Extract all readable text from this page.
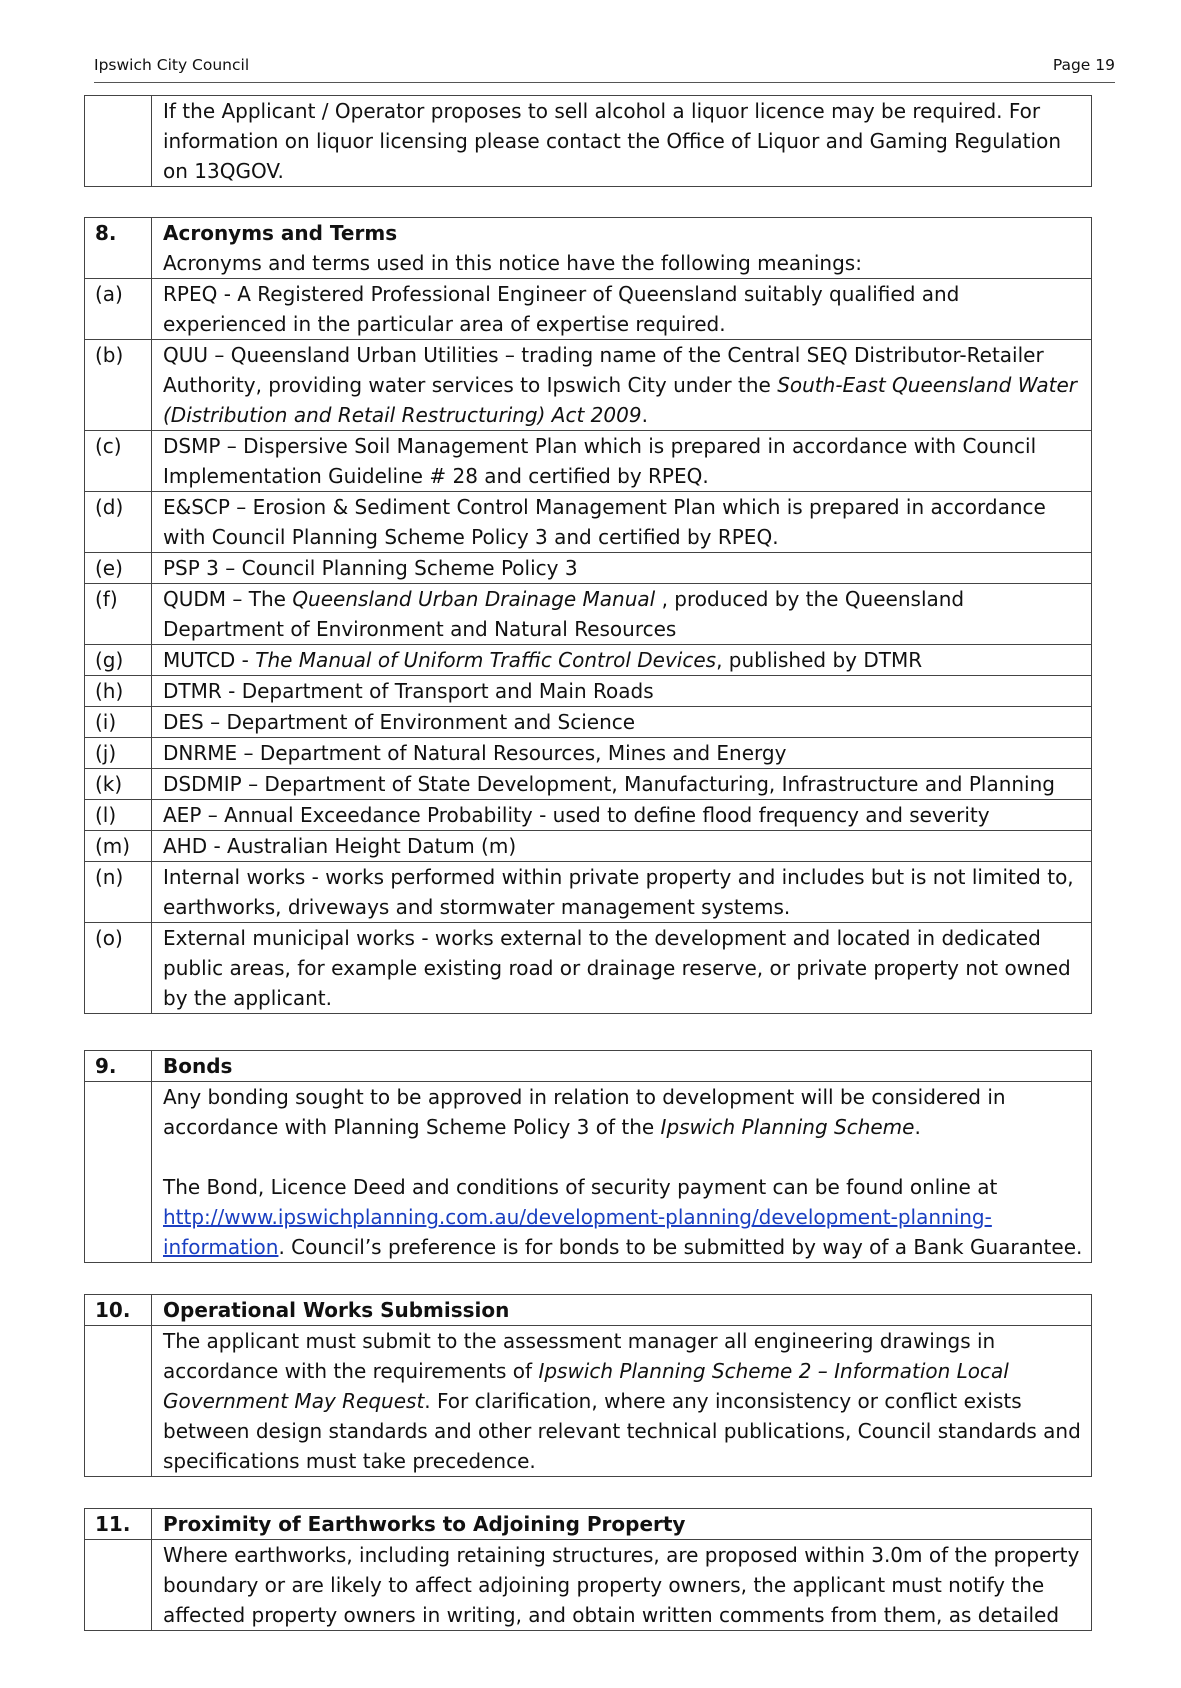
Ipswich City Council	Page 19
	If the Applicant / Operator proposes to sell alcohol a liquor licence may be required. For information on liquor licensing please contact the Office of Liquor and Gaming Regulation on 13QGOV.
8.	Acronyms and Terms
Acronyms and terms used in this notice have the following meanings:

(a)	RPEQ - A Registered Professional Engineer of Queensland suitably qualified and experienced in the particular area of expertise required.
(b)	QUU – Queensland Urban Utilities – trading name of the Central SEQ Distributor-Retailer Authority, providing water services to Ipswich City under the South-East Queensland Water (Distribution and Retail Restructuring) Act 2009.
(c)	DSMP – Dispersive Soil Management Plan which is prepared in accordance with Council Implementation Guideline # 28 and certified by RPEQ.
(d)	E&SCP – Erosion & Sediment Control Management Plan which is prepared in accordance with Council Planning Scheme Policy 3 and certified by RPEQ.
(e)	PSP 3 – Council Planning Scheme Policy 3
(f)	QUDM – The Queensland Urban Drainage Manual , produced by the Queensland Department of Environment and Natural Resources
(g)	MUTCD - The Manual of Uniform Traffic Control Devices, published by DTMR
(h)	DTMR - Department of Transport and Main Roads
(i)	DES – Department of Environment and Science
(j)	DNRME – Department of Natural Resources, Mines and Energy
(k)	DSDMIP – Department of State Development, Manufacturing, Infrastructure and Planning
(l)	AEP – Annual Exceedance Probability - used to define flood frequency and severity
(m)	AHD - Australian Height Datum (m)
(n)	Internal works - works performed within private property and includes but is not limited to, earthworks, driveways and stormwater management systems.
(o)	External municipal works - works external to the development and located in dedicated public areas, for example existing road or drainage reserve, or private property not owned by the applicant.
9.	Bonds

	Any bonding sought to be approved in relation to development will be considered in accordance with Planning Scheme Policy 3 of the Ipswich Planning Scheme.
The Bond, Licence Deed and conditions of security payment can be found online at http://www.ipswichplanning.com.au/development-planning/development-planning-information. Council’s preference is for bonds to be submitted by way of a Bank Guarantee.
10.	Operational Works Submission
	The applicant must submit to the assessment manager all engineering drawings in accordance with the requirements of Ipswich Planning Scheme 2 – Information Local Government May Request. For clarification, where any inconsistency or conflict exists between design standards and other relevant technical publications, Council standards and specifications must take precedence.
11.	Proximity of Earthworks to Adjoining Property
	Where earthworks, including retaining structures, are proposed within 3.0m of the property boundary or are likely to affect adjoining property owners, the applicant must notify the affected property owners in writing, and obtain written comments from them, as detailed
